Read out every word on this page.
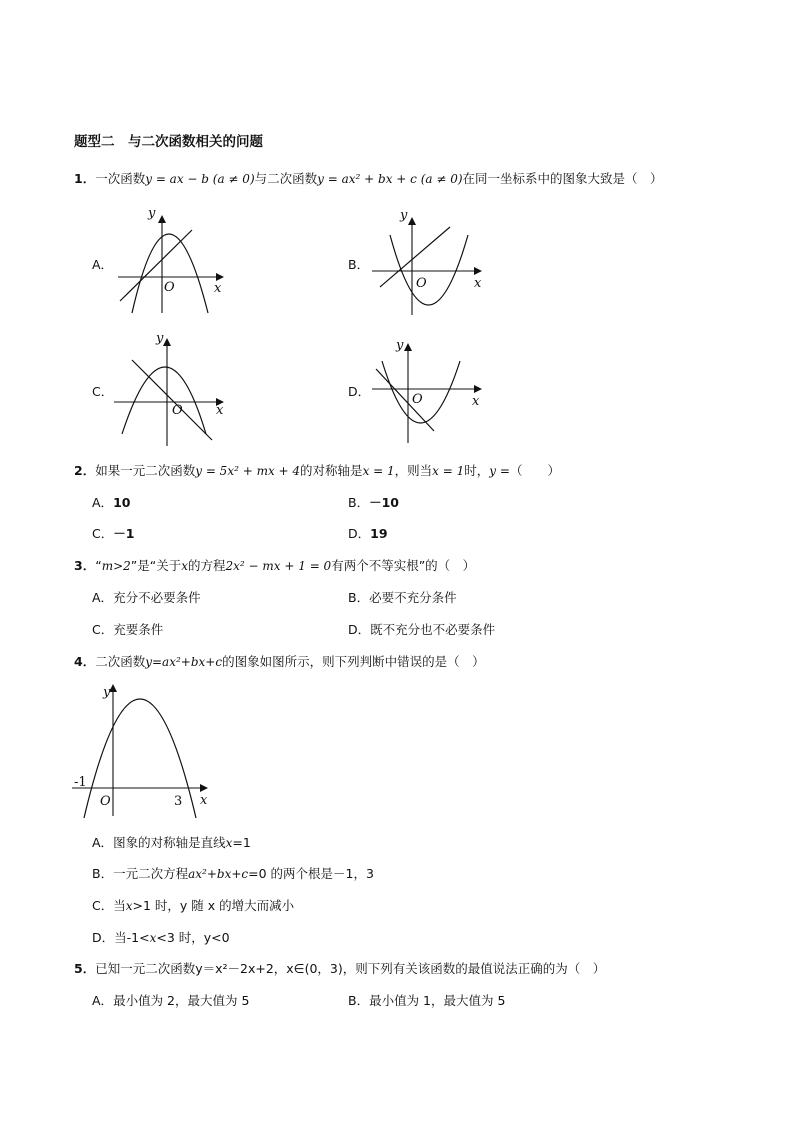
题型二　与二次函数相关的问题
1．一次函数y = ax − b (a ≠ 0)与二次函数y = ax² + bx + c (a ≠ 0)在同一坐标系中的图象大致是（　）
A．	B．
C．	D．
y
x
O
y
x
O
y
x
O
y
x
O
2．如果一元二次函数y = 5x² + mx + 4的对称轴是x = 1，则当x = 1时，y =（　　）
A．10	B．－10
C．－1	D．19
3．“m>2”是“关于x的方程2x² − mx + 1 = 0有两个不等实根”的（　）
A．充分不必要条件	B．必要不充分条件
C．充要条件	D．既不充分也不必要条件
4．二次函数y=ax²+bx+c的图象如图所示，则下列判断中错误的是（　）
y
x
O
-1
3
A．图象的对称轴是直线x=1
B．一元二次方程ax²+bx+c=0 的两个根是－1，3
C．当x>1 时，y 随 x 的增大而减小
D．当-1<x<3 时，y<0
5．已知一元二次函数y＝x²－2x+2，x∈(0，3)，则下列有关该函数的最值说法正确的为（　）
A．最小值为 2，最大值为 5	B．最小值为 1，最大值为 5
